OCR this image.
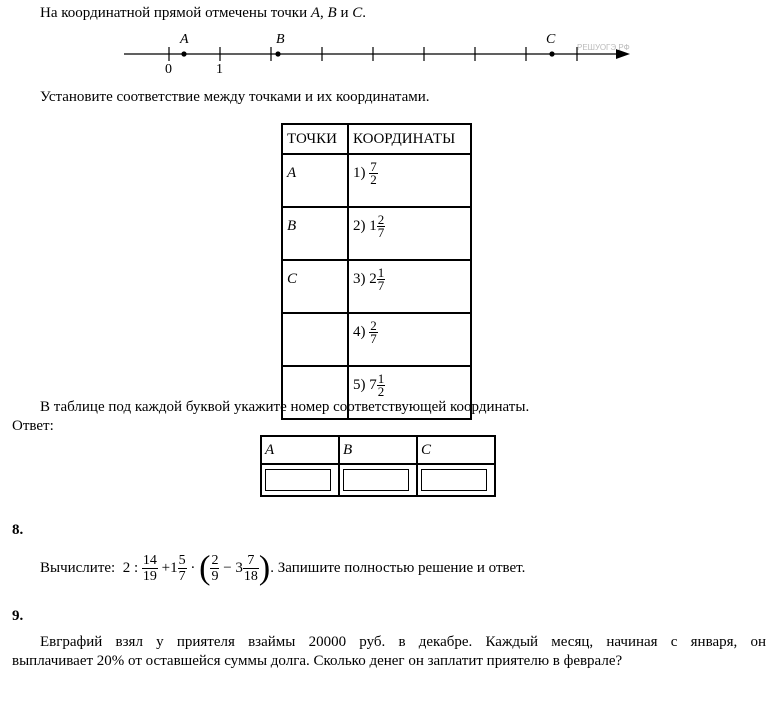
На координатной прямой отмечены точки A, B и C.
A	B	C
0	1
РЕШУОГЭ.РФ
Установите соответствие между точками и их координатами.
ТОЧКИ	КООРДИНАТЫ
A	$1) \frac{7}{2}$

B	2) $1 \frac{2}{7}$

C	3) $2 \frac{1}{7}$

	$4) \frac{2}{7}$

	5) $7 \frac{1}{2}$
В таблице под каждой буквой укажите номер соответствующей координаты.
Ответ:
A	B	C

8.
Вычислите: 2 : $\frac{14}{19} +1 \frac{5}{7}$ · ( $\frac{2}{9} - 3 \frac{7}{18}$ ). Запишите полностью решение и ответ.
9.
Евграфий взял у приятеля взаймы 20000 руб. в декабре. Каждый месяц, начиная с января, он
выплачивает 20% от оставшейся суммы долга. Сколько денег он заплатит приятелю в феврале?
